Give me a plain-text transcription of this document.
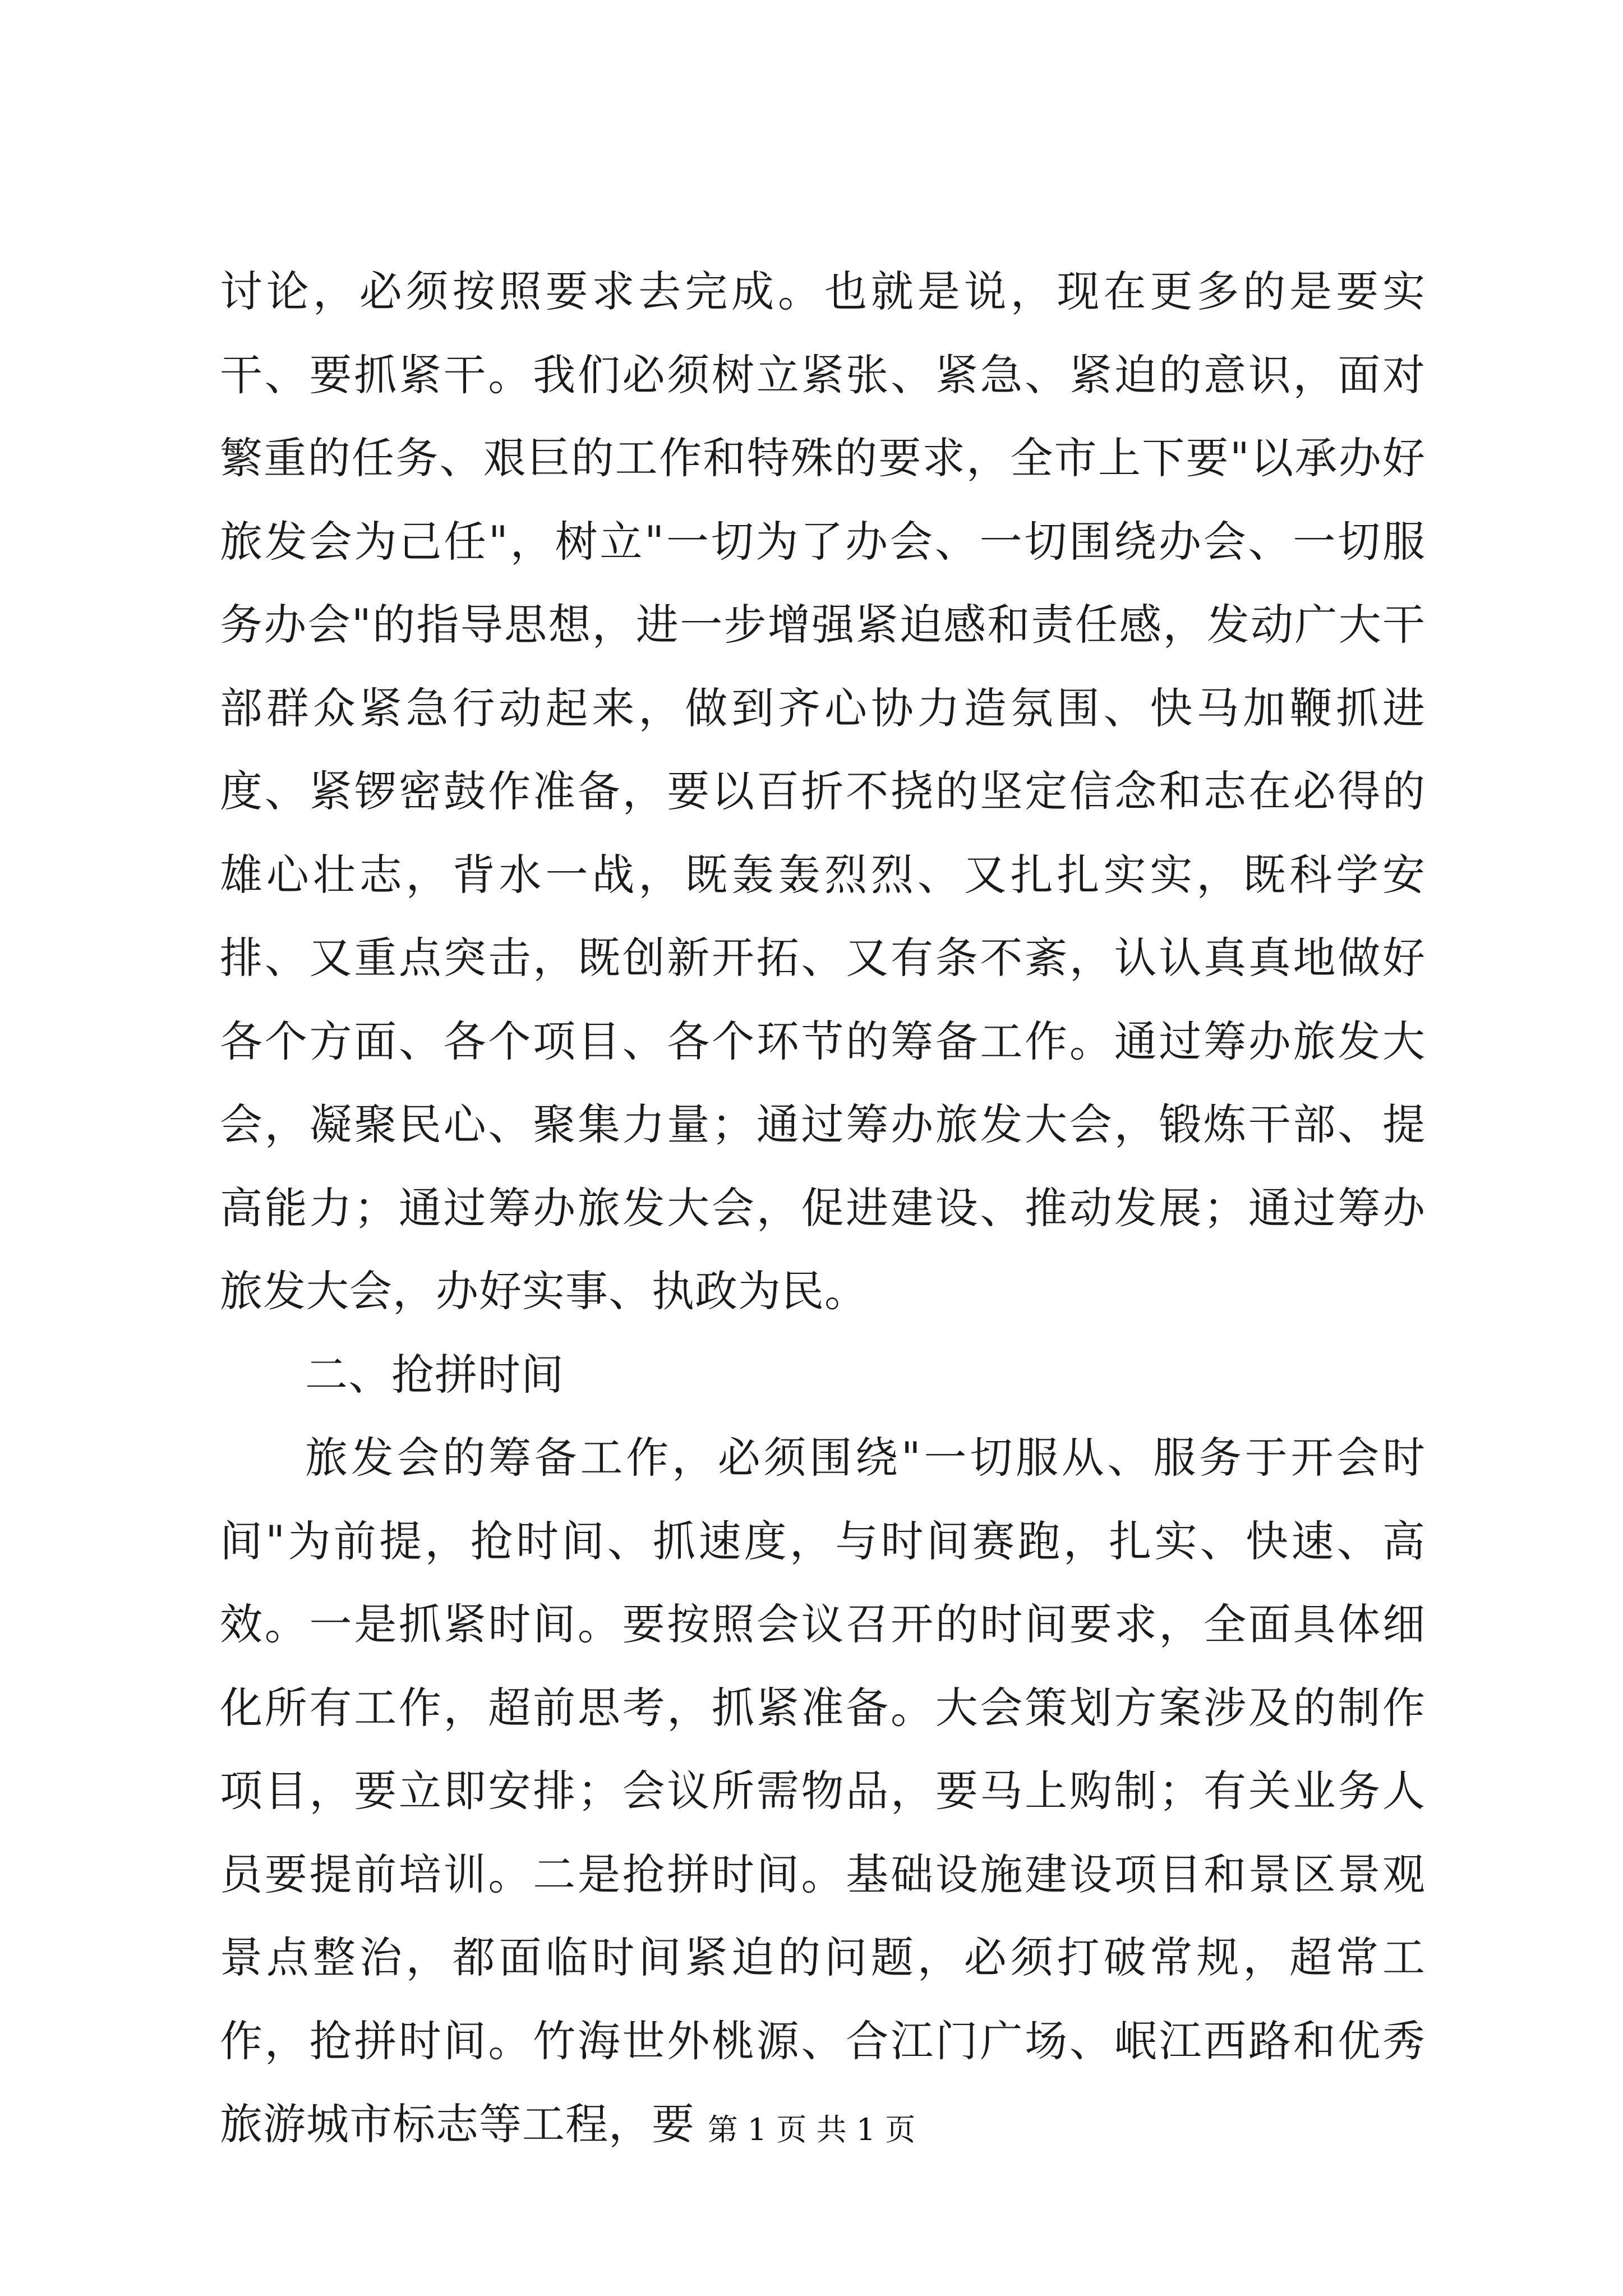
讨论，必须按照要求去完成。也就是说，现在更多的是要实干、要抓紧干。我们必须树立紧张、紧急、紧迫的意识，面对繁重的任务、艰巨的工作和特殊的要求，全市上下要"以承办好旅发会为己任"，树立"一切为了办会、一切围绕办会、一切服务办会"的指导思想，进一步增强紧迫感和责任感，发动广大干部群众紧急行动起来，做到齐心协力造氛围、快马加鞭抓进度、紧锣密鼓作准备，要以百折不挠的坚定信念和志在必得的雄心壮志，背水一战，既轰轰烈烈、又扎扎实实，既科学安排、又重点突击，既创新开拓、又有条不紊，认认真真地做好各个方面、各个项目、各个环节的筹备工作。通过筹办旅发大会，凝聚民心、聚集力量；通过筹办旅发大会，锻炼干部、提高能力；通过筹办旅发大会，促进建设、推动发展；通过筹办旅发大会，办好实事、执政为民。

二、抢拼时间

旅发会的筹备工作，必须围绕"一切服从、服务于开会时间"为前提，抢时间、抓速度，与时间赛跑，扎实、快速、高效。一是抓紧时间。要按照会议召开的时间要求，全面具体细化所有工作，超前思考，抓紧准备。大会策划方案涉及的制作项目，要立即安排；会议所需物品，要马上购制；有关业务人员要提前培训。二是抢拼时间。基础设施建设项目和景区景观景点整治，都面临时间紧迫的问题，必须打破常规，超常工作，抢拼时间。竹海世外桃源、合江门广场、岷江西路和优秀旅游城市标志等工程，要 第 1 页 共 1 页
